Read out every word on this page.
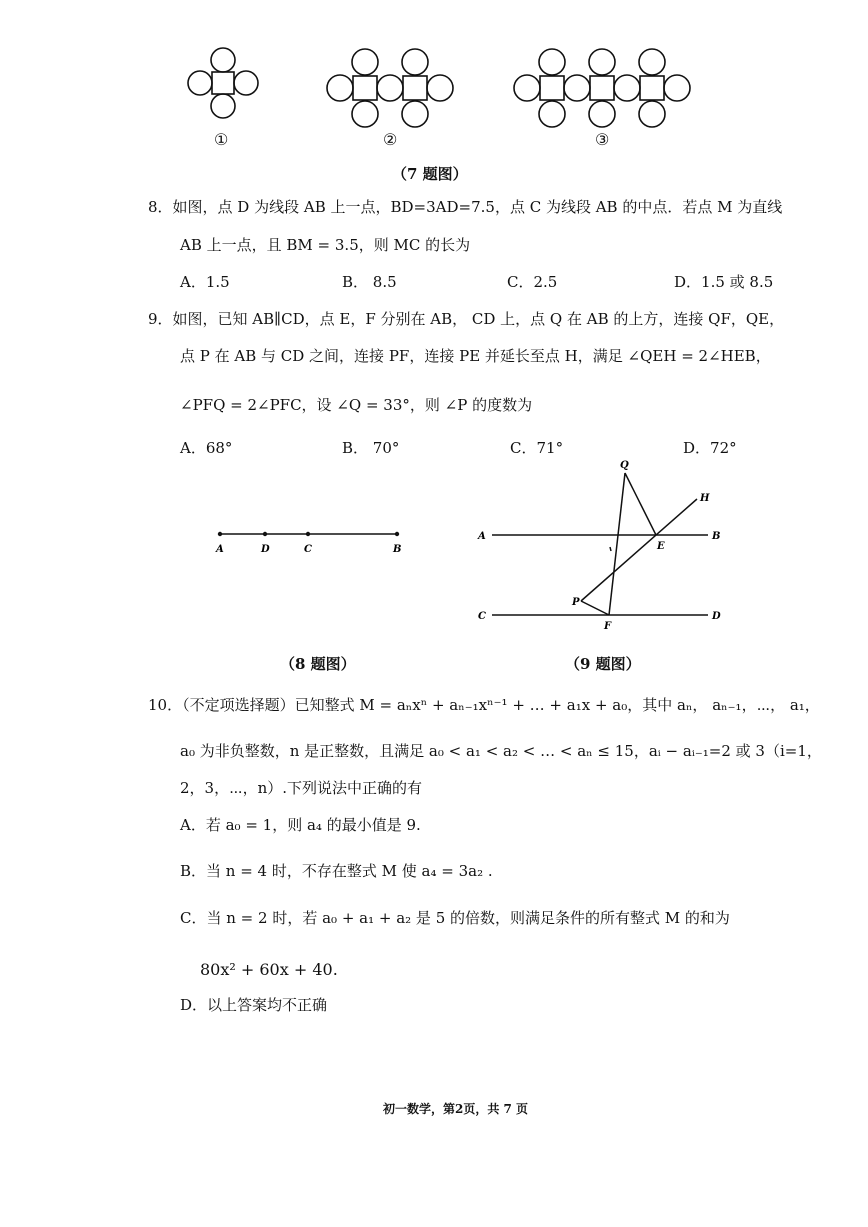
①	②	③
（7 题图）
8．如图，点 D 为线段 AB 上一点，BD=3AD=7.5，点 C 为线段 AB 的中点．若点 M 为直线
AB 上一点，且 BM = 3.5，则 MC 的长为
A．1.5	B． 8.5	C．2.5	D．1.5 或 8.5
9．如图，已知 AB∥CD，点 E，F 分别在 AB， CD 上，点 Q 在 AB 的上方，连接 QF，QE，
点 P 在 AB 与 CD 之间，连接 PF，连接 PE 并延长至点 H，满足 ∠QEH = 2∠HEB，
∠PFQ = 2∠PFC，设 ∠Q = 33°，则 ∠P 的度数为
A．68°	B． 70°	C．71°	D．72°
A	D	C	B
（8 题图）
Q
H
A
E
B
P
C
F
D
（9 题图）
10．（不定项选择题）已知整式 M = aₙxⁿ + aₙ₋₁xⁿ⁻¹ + … + a₁x + a₀，其中 aₙ， aₙ₋₁，⋯， a₁，
a₀ 为非负整数，n 是正整数，且满足 a₀ < a₁ < a₂ < … < aₙ ≤ 15，aᵢ − aᵢ₋₁=2 或 3（i=1，
2，3，⋯，n）.下列说法中正确的有
A．若 a₀ = 1，则 a₄ 的最小值是 9.
B．当 n = 4 时，不存在整式 M 使 a₄ = 3a₂ .
C．当 n = 2 时，若 a₀ + a₁ + a₂ 是 5 的倍数，则满足条件的所有整式 M 的和为
80x² + 60x + 40.
D．以上答案均不正确
初一数学，第2页，共 7 页
